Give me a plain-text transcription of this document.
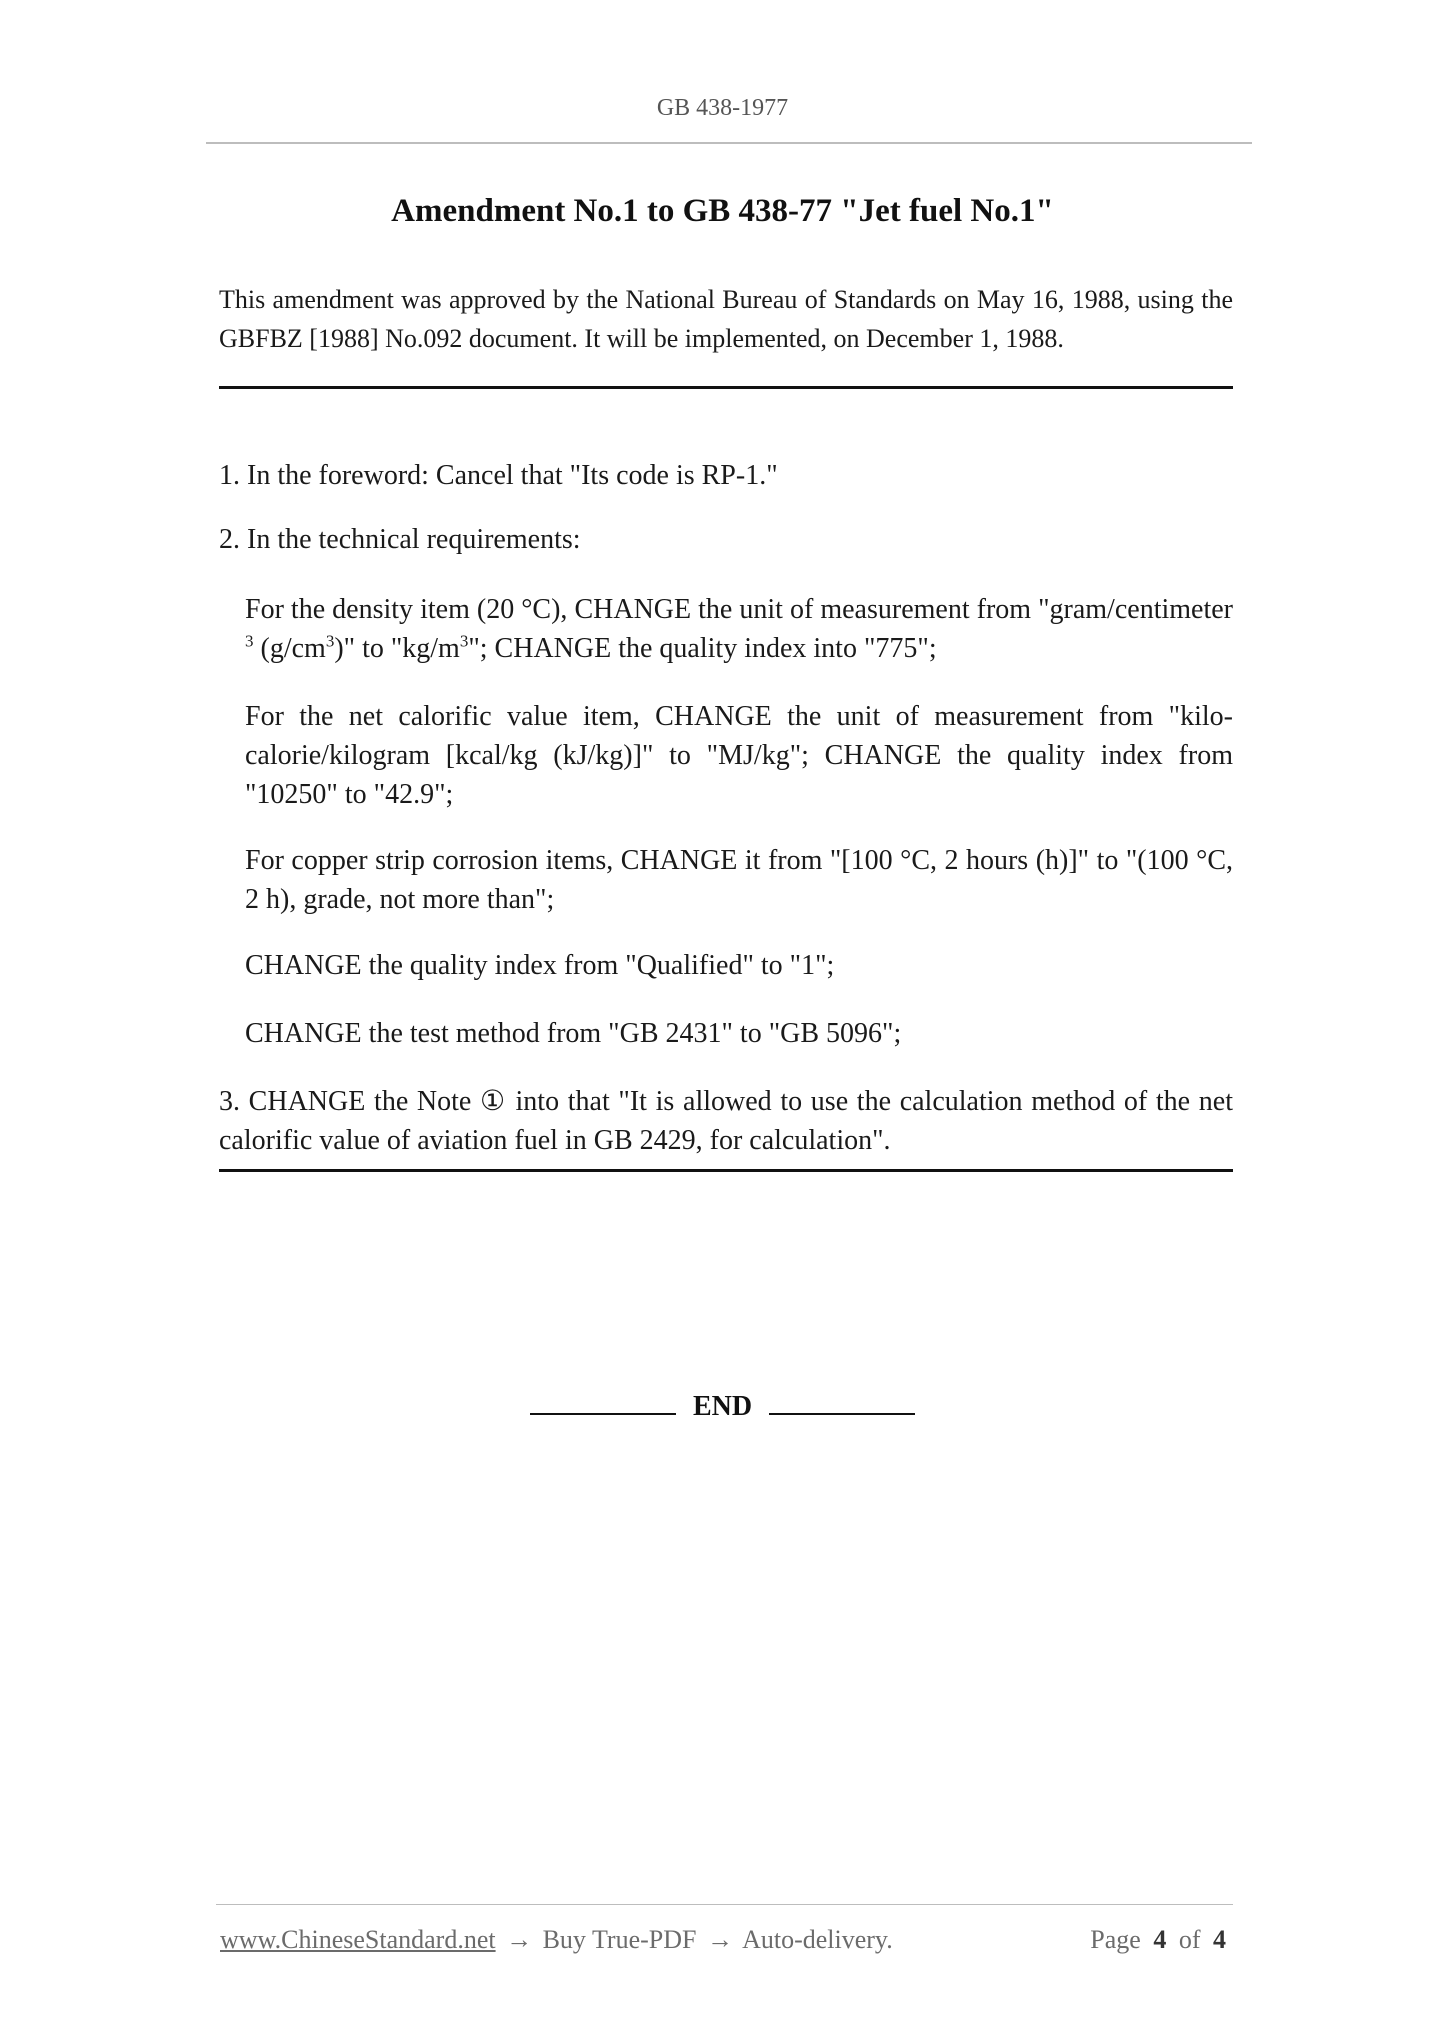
GB 438-1977
Amendment No.1 to GB 438-77 "Jet fuel No.1"
This amendment was approved by the National Bureau of Standards on May 16, 1988, using the GBFBZ [1988] No.092 document. It will be implemented, on December 1, 1988.
1. In the foreword: Cancel that "Its code is RP-1."
2. In the technical requirements:
For the density item (20 °C), CHANGE the unit of measurement from "gram/centimeter $^3$ $(g/cm^3)$" to "$kg/m^3$"; CHANGE the quality index into "775";
For the net calorific value item, CHANGE the unit of measurement from "kilo-calorie/kilogram [kcal/kg (kJ/kg)]" to "MJ/kg"; CHANGE the quality index from "10250" to "42.9";
For copper strip corrosion items, CHANGE it from "[100 °C, 2 hours (h)]" to "(100 °C, 2 h), grade, not more than";
CHANGE the quality index from "Qualified" to "1";
CHANGE the test method from "GB 2431" to "GB 5096";
3. CHANGE the Note ① into that "It is allowed to use the calculation method of the net calorific value of aviation fuel in GB 2429, for calculation".
END
www.ChineseStandard.net → Buy True-PDF → Auto-delivery.	Page 4 of 4
